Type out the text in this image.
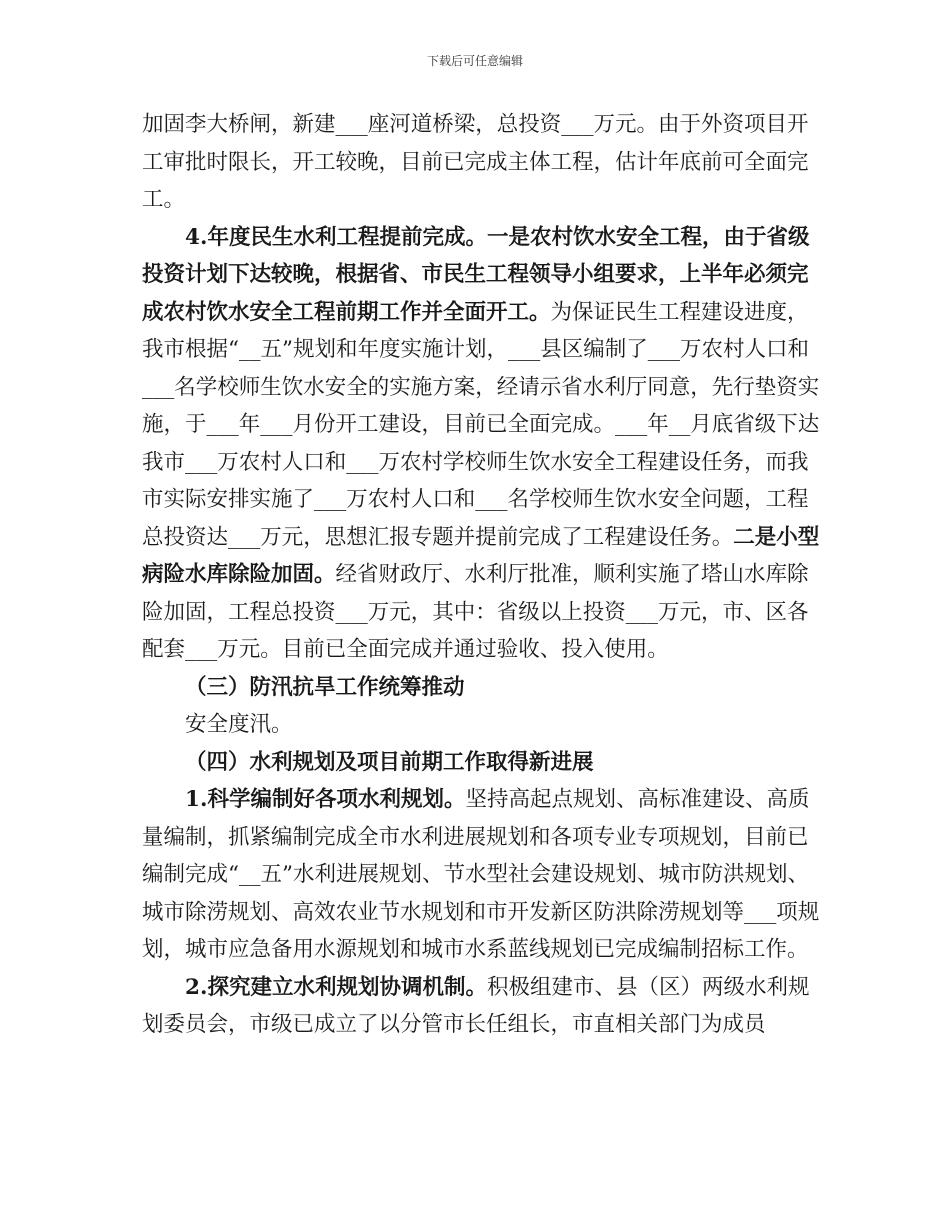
下载后可任意编辑

加固李大桥闸，新建___座河道桥梁，总投资___万元。由于外资项目开工审批时限长，开工较晚，目前已完成主体工程，估计年底前可全面完工。

4.年度民生水利工程提前完成。一是农村饮水安全工程，由于省级投资计划下达较晚，根据省、市民生工程领导小组要求，上半年必须完成农村饮水安全工程前期工作并全面开工。为保证民生工程建设进度，我市根据“__五”规划和年度实施计划，___县区编制了___万农村人口和___名学校师生饮水安全的实施方案，经请示省水利厅同意，先行垫资实施，于___年___月份开工建设，目前已全面完成。___年__月底省级下达我市___万农村人口和___万农村学校师生饮水安全工程建设任务，而我市实际安排实施了___万农村人口和___名学校师生饮水安全问题，工程总投资达___万元，思想汇报专题并提前完成了工程建设任务。二是小型病险水库除险加固。经省财政厅、水利厅批准，顺利实施了塔山水库除险加固，工程总投资___万元，其中：省级以上投资___万元，市、区各配套___万元。目前已全面完成并通过验收、投入使用。

（三）防汛抗旱工作统筹推动

安全度汛。

（四）水利规划及项目前期工作取得新进展

1.科学编制好各项水利规划。坚持高起点规划、高标准建设、高质量编制，抓紧编制完成全市水利进展规划和各项专业专项规划，目前已编制完成“__五”水利进展规划、节水型社会建设规划、城市防洪规划、城市除涝规划、高效农业节水规划和市开发新区防洪除涝规划等___项规划，城市应急备用水源规划和城市水系蓝线规划已完成编制招标工作。

2.探究建立水利规划协调机制。积极组建市、县（区）两级水利规划委员会，市级已成立了以分管市长任组长，市直相关部门为成员
